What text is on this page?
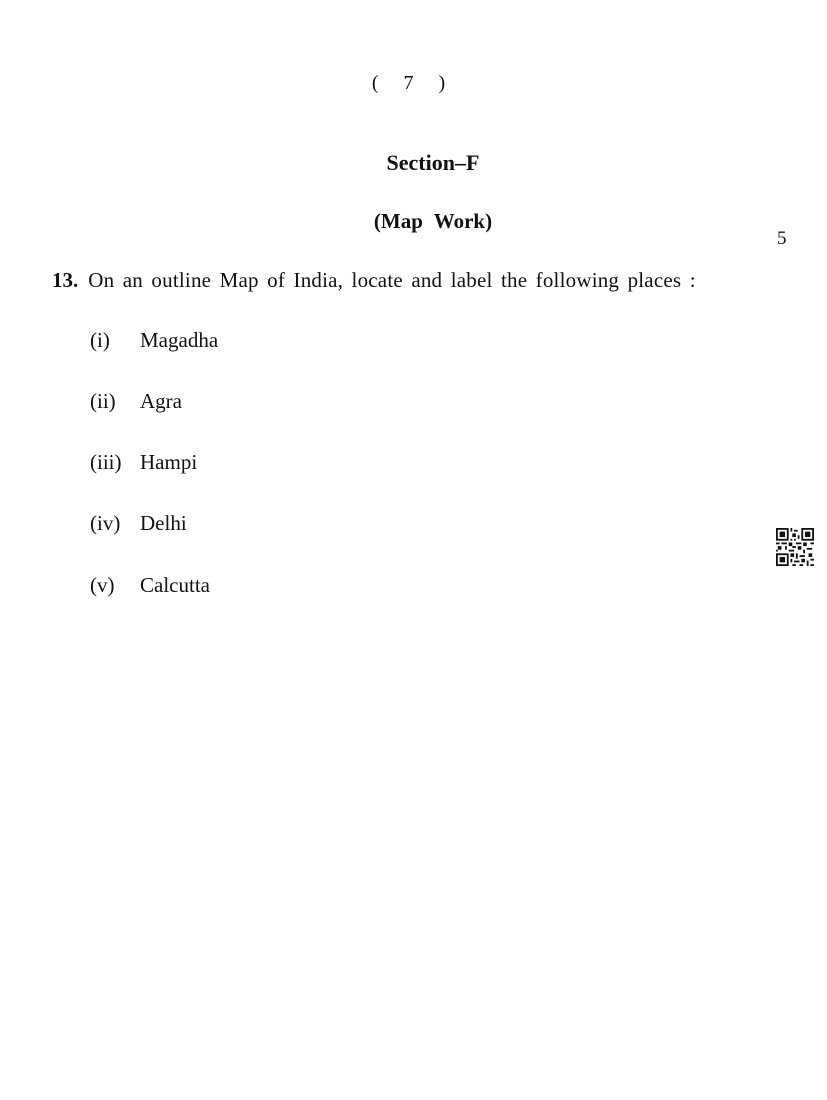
( 7 )
Section–F
(Map Work)
5
13. On an outline Map of India, locate and label the following places :
(i) Magadha
(ii) Agra
(iii) Hampi
(iv) Delhi
(v) Calcutta
